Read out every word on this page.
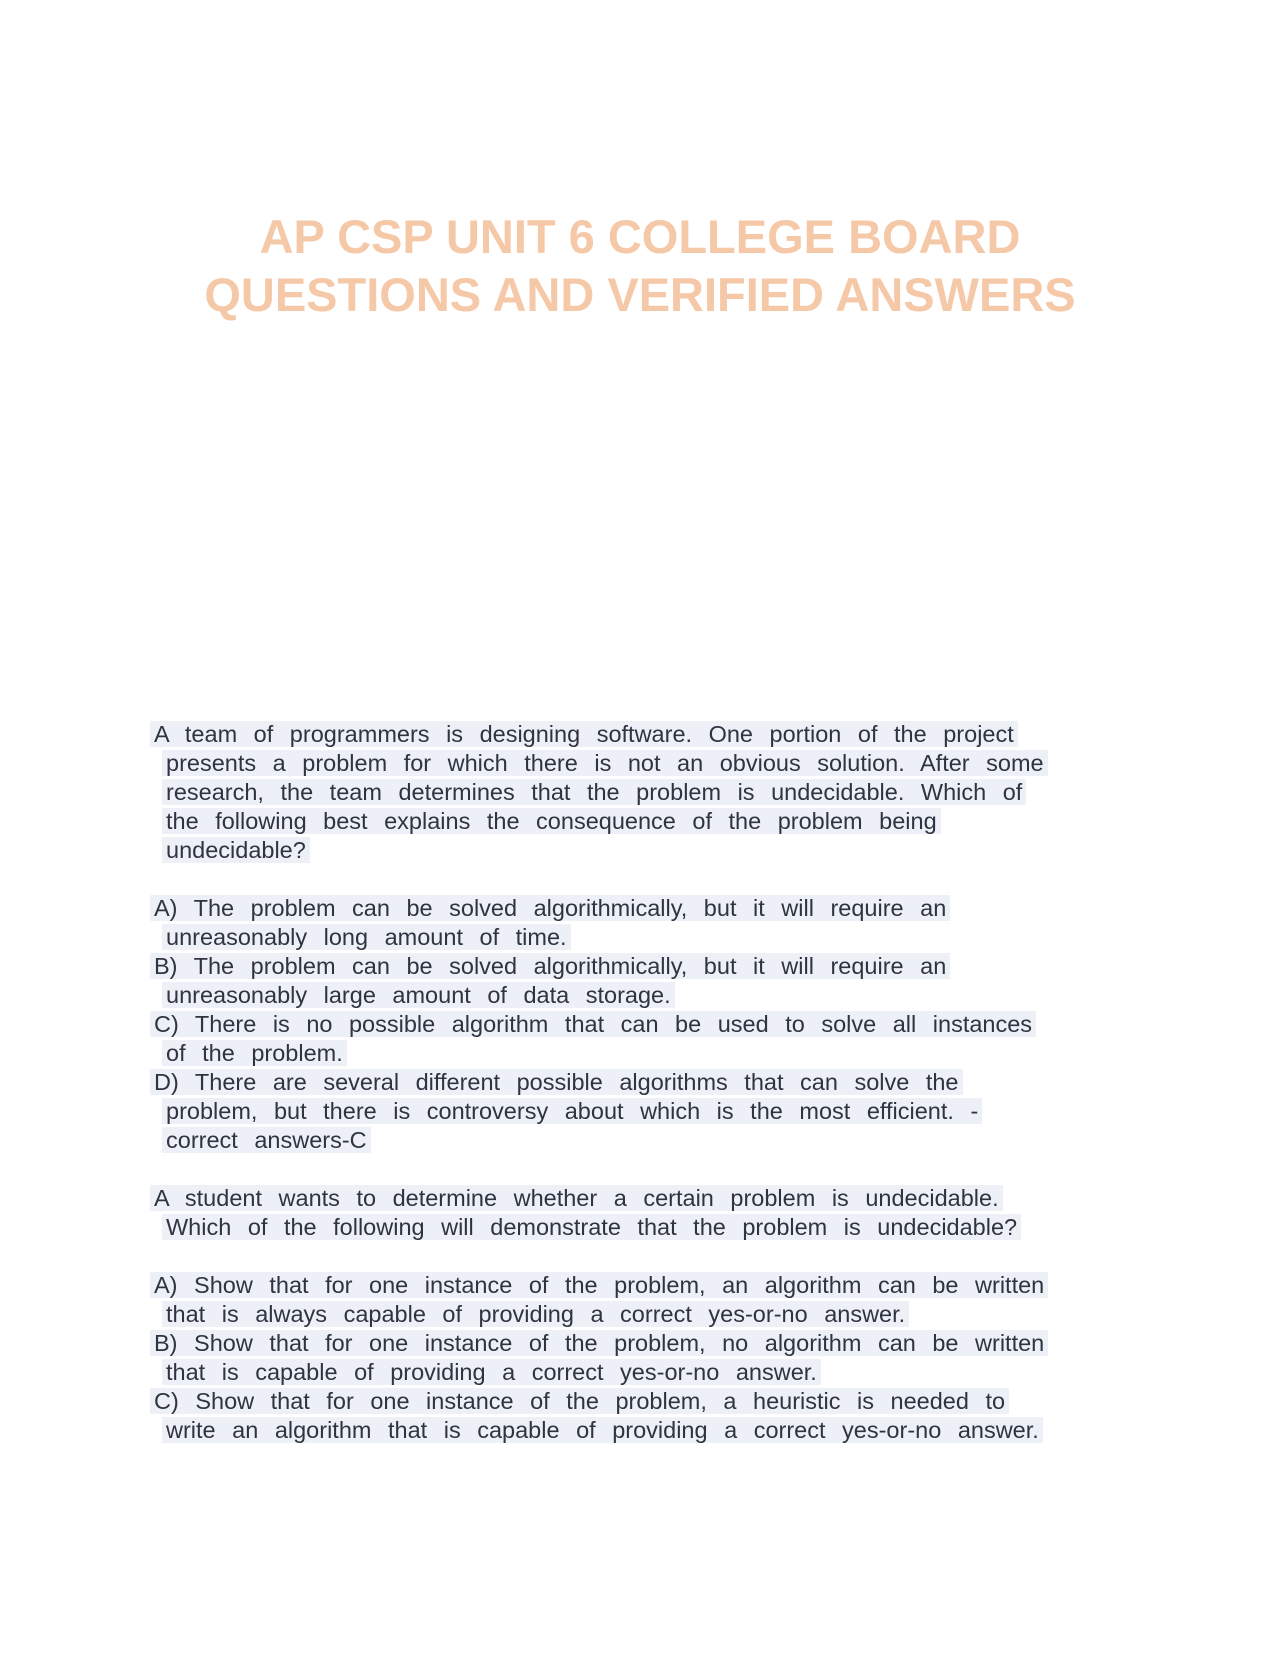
AP CSP UNIT 6 COLLEGE BOARD
QUESTIONS AND VERIFIED ANSWERS
A team of programmers is designing software. One portion of the project
presents a problem for which there is not an obvious solution. After some
research, the team determines that the problem is undecidable. Which of
the following best explains the consequence of the problem being
undecidable?
A) The problem can be solved algorithmically, but it will require an
unreasonably long amount of time.
B) The problem can be solved algorithmically, but it will require an
unreasonably large amount of data storage.
C) There is no possible algorithm that can be used to solve all instances
of the problem.
D) There are several different possible algorithms that can solve the
problem, but there is controversy about which is the most efficient. -
correct answers-C
A student wants to determine whether a certain problem is undecidable.
Which of the following will demonstrate that the problem is undecidable?
A) Show that for one instance of the problem, an algorithm can be written
that is always capable of providing a correct yes-or-no answer.
B) Show that for one instance of the problem, no algorithm can be written
that is capable of providing a correct yes-or-no answer.
C) Show that for one instance of the problem, a heuristic is needed to
write an algorithm that is capable of providing a correct yes-or-no answer.
